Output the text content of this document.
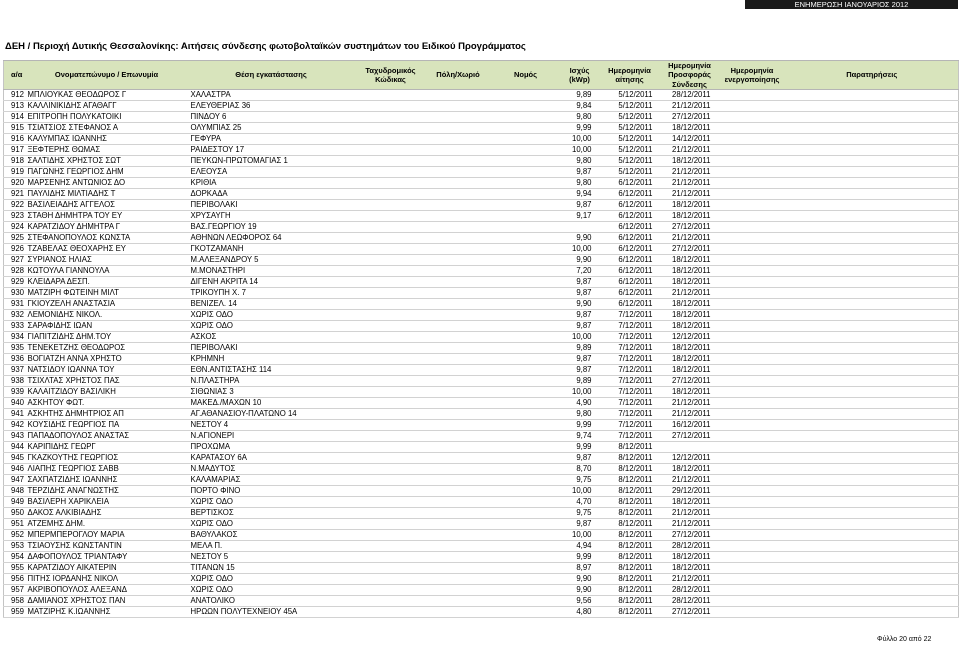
ΕΝΗΜΕΡΩΣΗ ΙΑΝΟΥΑΡΙΟΣ 2012
ΔΕΗ / Περιοχή Δυτικής Θεσσαλονίκης: Αιτήσεις σύνδεσης φωτοβολταϊκών συστημάτων του Ειδικού Προγράμματος
α/α	Ονοματεπώνυμο / Επωνυμία	Θέση εγκατάστασης	Ταχυδρομικός
Κώδικας	Πόλη/Χωριό	Νομός	Ισχύς
(kWp)	Ημερομηνία
αίτησης	Ημερομηνία
Προσφοράς
Σύνδεσης	Ημερομηνία
ενεργοποίησης	Παρατηρήσεις

912	ΜΠΛΙΟΥΚΑΣ ΘΕΟΔΩΡΟΣ Γ	ΧΑΛΑΣΤΡΑ				9,89	5/12/2011	28/12/2011		
913	ΚΑΛΛΙΝΙΚΙΔΗΣ ΑΓΑΘΑΓΓ	ΕΛΕΥΘΕΡΙΑΣ 36				9,84	5/12/2011	21/12/2011		
914	ΕΠΙΤΡΟΠΗ ΠΟΛΥΚΑΤΟΙΚΙ	ΠΙΝΔΟΥ 6				9,80	5/12/2011	27/12/2011		
915	ΤΣΙΑΤΣΙΟΣ ΣΤΕΦΑΝΟΣ Α	ΟΛΥΜΠΙΑΣ 25				9,99	5/12/2011	18/12/2011		
916	ΚΑΛΥΜΠΑΣ ΙΩΑΝΝΗΣ	ΓΕΦΥΡΑ				10,00	5/12/2011	14/12/2011		
917	ΞΕΦΤΕΡΗΣ ΘΩΜΑΣ	ΡΑΙΔΕΣΤΟΥ 17				10,00	5/12/2011	21/12/2011		
918	ΣΑΛΤΙΔΗΣ ΧΡΗΣΤΟΣ ΣΩΤ	ΠΕΥΚΩΝ-ΠΡΩΤΟΜΑΓΙΑΣ 1				9,80	5/12/2011	18/12/2011		
919	ΠΑΓΩΝΗΣ ΓΕΩΡΓΙΟΣ ΔΗΜ	ΕΛΕΟΥΣΑ				9,87	5/12/2011	21/12/2011		
920	ΜΑΡΣΕΝΗΣ ΑΝΤΩΝΙΟΣ ΔΟ	ΚΡΙΘΙΑ				9,80	6/12/2011	21/12/2011		
921	ΠΑΥΛΙΔΗΣ ΜΙΛΤΙΑΔΗΣ Τ	ΔΟΡΚΑΔΑ				9,94	6/12/2011	21/12/2011		
922	ΒΑΣΙΛΕΙΑΔΗΣ ΑΓΓΕΛΟΣ	ΠΕΡΙΒΟΛΑΚΙ				9,87	6/12/2011	18/12/2011		
923	ΣΤΑΘΗ ΔΗΜΗΤΡΑ ΤΟΥ ΕΥ	ΧΡΥΣΑΥΓΗ				9,17	6/12/2011	18/12/2011		
924	ΚΑΡΑΤΖΙΔΟΥ ΔΗΜΗΤΡΑ Γ	ΒΑΣ.ΓΕΩΡΓΙΟΥ 19					6/12/2011	27/12/2011		
925	ΣΤΕΦΑΝΟΠΟΥΛΟΣ ΚΩΝΣΤΑ	ΑΘΗΝΩΝ ΛΕΩΦΟΡΟΣ 64				9,90	6/12/2011	21/12/2011		
926	ΤΖΑΒΕΛΑΣ ΘΕΟΧΑΡΗΣ ΕΥ	ΓΚΟΤΖΑΜΑΝΗ				10,00	6/12/2011	27/12/2011		
927	ΣΥΡΙΑΝΟΣ ΗΛΙΑΣ	Μ.ΑΛΕΞΑΝΔΡΟΥ 5				9,90	6/12/2011	18/12/2011		
928	ΚΩΤΟΥΛΑ ΓΙΑΝΝΟΥΛΑ	Μ.ΜΟΝΑΣΤΗΡΙ				7,20	6/12/2011	18/12/2011		
929	ΚΛΕΙΔΑΡΑ ΔΕΣΠ.	ΔΙΓΕΝΗ ΑΚΡΙΤΑ 14				9,87	6/12/2011	18/12/2011		
930	ΜΑΤΖΙΡΗ ΦΩΤΕΙΝΗ ΜΙΛΤ	ΤΡΙΚΟΥΠΗ Χ. 7				9,87	6/12/2011	21/12/2011		
931	ΓΚΙΟΥΖΕΛΗ ΑΝΑΣΤΑΣΙΑ	ΒΕΝΙΖΕΛ. 14				9,90	6/12/2011	18/12/2011		
932	ΛΕΜΟΝΙΔΗΣ ΝΙΚΟΛ.	ΧΩΡΙΣ ΟΔΟ				9,87	7/12/2011	18/12/2011		
933	ΣΑΡΑΦΙΔΗΣ ΙΩΑΝ	ΧΩΡΙΣ ΟΔΟ				9,87	7/12/2011	18/12/2011		
934	ΓΙΑΠΙΤΖΙΔΗΣ ΔΗΜ.ΤΟΥ	ΑΣΚΟΣ				10,00	7/12/2011	12/12/2011		
935	ΤΕΝΕΚΕΤΖΗΣ ΘΕΟΔΩΡΟΣ	ΠΕΡΙΒΟΛΑΚΙ				9,89	7/12/2011	18/12/2011		
936	ΒΟΓΙΑΤΖΗ ΑΝΝΑ ΧΡΗΣΤΟ	ΚΡΗΜΝΗ				9,87	7/12/2011	18/12/2011		
937	ΝΑΤΣΙΔΟΥ ΙΩΑΝΝΑ ΤΟΥ	ΕΘΝ.ΑΝΤΙΣΤΑΣΗΣ 114				9,87	7/12/2011	18/12/2011		
938	ΤΣΙΧΛΤΑΣ ΧΡΗΣΤΟΣ ΠΑΣ	Ν.ΠΛΑΣΤΗΡΑ				9,89	7/12/2011	27/12/2011		
939	ΚΑΛΑΙΤΖΙΔΟΥ ΒΑΣΙΛΙΚΗ	ΣΙΘΩΝΙΑΣ 3				10,00	7/12/2011	18/12/2011		
940	ΑΣΚΗΤΟΥ ΦΩΤ.	ΜΑΚΕΔ./ΜΑΧΩΝ 10				4,90	7/12/2011	21/12/2011		
941	ΑΣΚΗΤΗΣ ΔΗΜΗΤΡΙΟΣ ΑΠ	ΑΓ.ΑΘΑΝΑΣΙΟΥ-ΠΛΑΤΩΝΟ 14				9,80	7/12/2011	21/12/2011		
942	ΚΟΥΣΙΔΗΣ ΓΕΩΡΓΙΟΣ ΠΑ	ΝΕΣΤΟΥ 4				9,99	7/12/2011	16/12/2011		
943	ΠΑΠΑΔΟΠΟΥΛΟΣ ΑΝΑΣΤΑΣ	Ν.ΑΓΙΟΝΕΡΙ				9,74	7/12/2011	27/12/2011		
944	ΚΑΡΙΠΙΔΗΣ ΓΕΩΡΓ	ΠΡΟΧΩΜΑ				9,99	8/12/2011			
945	ΓΚΑΖΚΟΥΤΗΣ ΓΕΩΡΓΙΟΣ	ΚΑΡΑΤΑΣΟΥ 6Α				9,87	8/12/2011	12/12/2011		
946	ΛΙΑΠΗΣ ΓΕΩΡΓΙΟΣ ΣΑΒΒ	Ν.ΜΑΔΥΤΟΣ				8,70	8/12/2011	18/12/2011		
947	ΣΑΧΠΑΤΖΙΔΗΣ ΙΩΑΝΝΗΣ	ΚΑΛΑΜΑΡΙΑΣ				9,75	8/12/2011	21/12/2011		
948	ΤΕΡΖΙΔΗΣ ΑΝΑΓΝΩΣΤΗΣ	ΠΟΡΤΟ ΦΙΝΟ				10,00	8/12/2011	29/12/2011		
949	ΒΑΣΙΛΕΡΗ ΧΑΡΙΚΛΕΙΑ	ΧΩΡΙΣ ΟΔΟ				4,70	8/12/2011	18/12/2011		
950	ΔΑΚΟΣ ΑΛΚΙΒΙΑΔΗΣ	ΒΕΡΤΙΣΚΟΣ				9,75	8/12/2011	21/12/2011		
951	ΑΤΖΕΜΗΣ ΔΗΜ.	ΧΩΡΙΣ ΟΔΟ				9,87	8/12/2011	21/12/2011		
952	ΜΠΕΡΜΠΕΡΟΓΛΟΥ ΜΑΡΙΑ	ΒΑΘΥΛΑΚΟΣ				10,00	8/12/2011	27/12/2011		
953	ΤΣΙΑΟΥΣΗΣ ΚΩΝΣΤΑΝΤΙΝ	ΜΕΛΑ Π.				4,94	8/12/2011	28/12/2011		
954	ΔΑΦΟΠΟΥΛΟΣ ΤΡΙΑΝΤΑΦΥ	ΝΕΣΤΟΥ 5				9,99	8/12/2011	18/12/2011		
955	ΚΑΡΑΤΖΙΔΟΥ ΑΙΚΑΤΕΡΙΝ	ΤΙΤΑΝΩΝ 15				8,97	8/12/2011	18/12/2011		
956	ΠΙΤΗΣ ΙΟΡΔΑΝΗΣ ΝΙΚΟΛ	ΧΩΡΙΣ ΟΔΟ				9,90	8/12/2011	21/12/2011		
957	ΑΚΡΙΒΟΠΟΥΛΟΣ ΑΛΕΞΑΝΔ	ΧΩΡΙΣ ΟΔΟ				9,90	8/12/2011	28/12/2011		
958	ΔΑΜΙΑΝΟΣ ΧΡΗΣΤΟΣ ΠΑΝ	ΑΝΑΤΟΛΙΚΟ				9,56	8/12/2011	28/12/2011		
959	ΜΑΤΖΙΡΗΣ Κ.ΙΩΑΝΝΗΣ	ΗΡΩΩΝ ΠΟΛΥΤΕΧΝΕΙΟΥ 45Α				4,80	8/12/2011	27/12/2011		
Φύλλο 20 από 22
